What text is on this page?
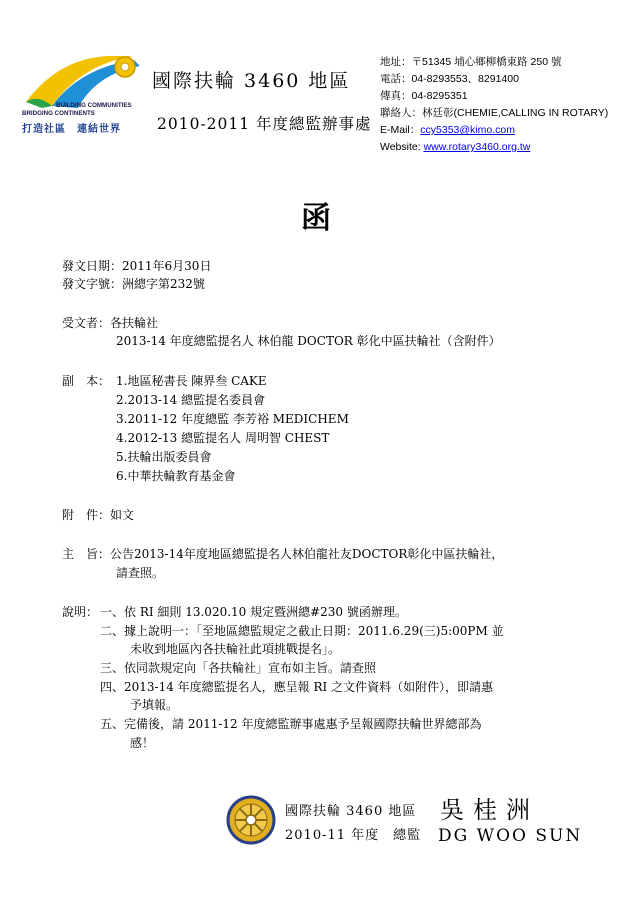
BUILDING COMMUNITIES
BRIDGING CONTINENTS
打造社區　連結世界
國際扶輪 3460 地區
2010-2011 年度總監辦事處
地址：〒51345 埔心鄉柳橋東路 250 號
電話：04-8293553、8291400
傳真：04-8295351
聯絡人：林廷彰(CHEMIE,CALLING IN ROTARY)
E-Mail：ccy5353@kimo.com
Website: www.rotary3460.org.tw
函
發文日期：2011年6月30日
發文字號：洲總字第232號
受文者：各扶輪社
2013-14 年度總監提名人 林伯龍 DOCTOR 彰化中區扶輪社（含附件）
副　本： 1.地區秘書長 陳界叁 CAKE
2.2013-14 總監提名委員會
3.2011-12 年度總監 李芳裕 MEDICHEM
4.2012-13 總監提名人 周明智 CHEST
5.扶輪出版委員會
6.中華扶輪教育基金會
附　件：如文
主　旨：公告2013-14年度地區總監提名人林伯龍社友DOCTOR彰化中區扶輪社，
請查照。
說明： 一、依 RI 細則 13.020.10 規定暨洲總#230 號函辦理。
二、據上說明一：「至地區總監規定之截止日期：2011.6.29(三)5:00PM 並
未收到地區內各扶輪社此項挑戰提名」。
三、依同款規定向「各扶輪社」宣布如主旨。請查照
四、2013-14 年度總監提名人，應呈報 RI 之文件資料（如附件），即請惠
予填報。
五、完備後，請 2011-12 年度總監辦事處惠予呈報國際扶輪世界總部為
感！
國際扶輪 3460 地區
2010-11 年度　總監
吳桂洲
DG WOO SUN
